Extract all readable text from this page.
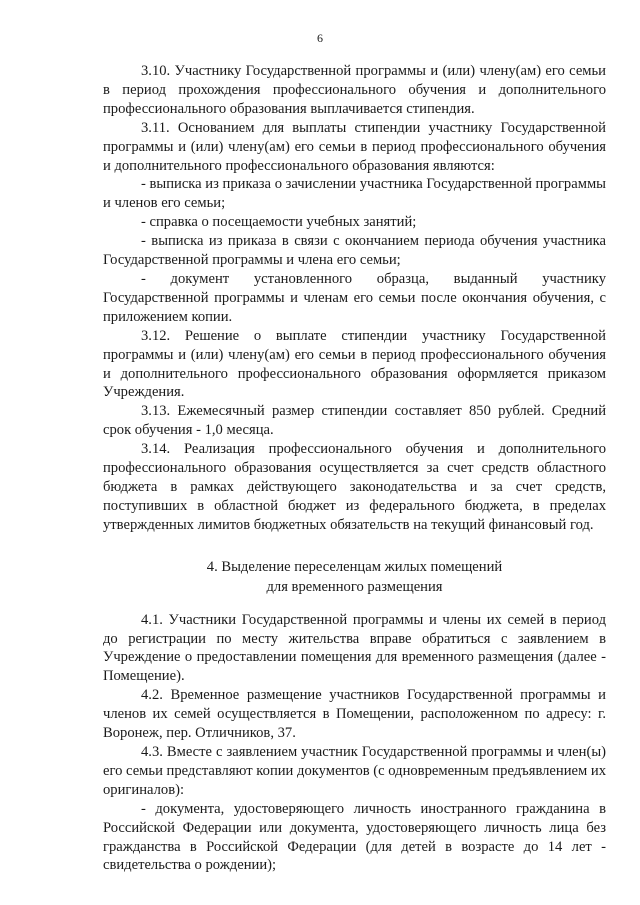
6

3.10. Участнику Государственной программы и (или) члену(ам) его семьи в период прохождения профессионального обучения и дополнительного профессионального образования выплачивается стипендия.

3.11. Основанием для выплаты стипендии участнику Государственной программы и (или) члену(ам) его семьи в период профессионального обучения и дополнительного профессионального образования являются:

- выписка из приказа о зачислении участника Государственной программы и членов его семьи;

- справка о посещаемости учебных занятий;

- выписка из приказа в связи с окончанием периода обучения участника Государственной программы и члена его семьи;

- документ установленного образца, выданный участнику Государственной программы и членам его семьи после окончания обучения, с приложением копии.

3.12. Решение о выплате стипендии участнику Государственной программы и (или) члену(ам) его семьи в период профессионального обучения и дополнительного профессионального образования оформляется приказом Учреждения.

3.13. Ежемесячный размер стипендии составляет 850 рублей. Средний срок обучения - 1,0 месяца.

3.14. Реализация профессионального обучения и дополнительного профессионального образования осуществляется за счет средств областного бюджета в рамках действующего законодательства и за счет средств, поступивших в областной бюджет из федерального бюджета, в пределах утвержденных лимитов бюджетных обязательств на текущий финансовый год.

4. Выделение переселенцам жилых помещений
для временного размещения

4.1. Участники Государственной программы и члены их семей в период до регистрации по месту жительства вправе обратиться с заявлением в Учреждение о предоставлении помещения для временного размещения (далее - Помещение).

4.2. Временное размещение участников Государственной программы и членов их семей осуществляется в Помещении, расположенном по адресу: г. Воронеж, пер. Отличников, 37.

4.3. Вместе с заявлением участник Государственной программы и член(ы) его семьи представляют копии документов (с одновременным предъявлением их оригиналов):

- документа, удостоверяющего личность иностранного гражданина в Российской Федерации или документа, удостоверяющего личность лица без гражданства в Российской Федерации (для детей в возрасте до 14 лет - свидетельства о рождении);
